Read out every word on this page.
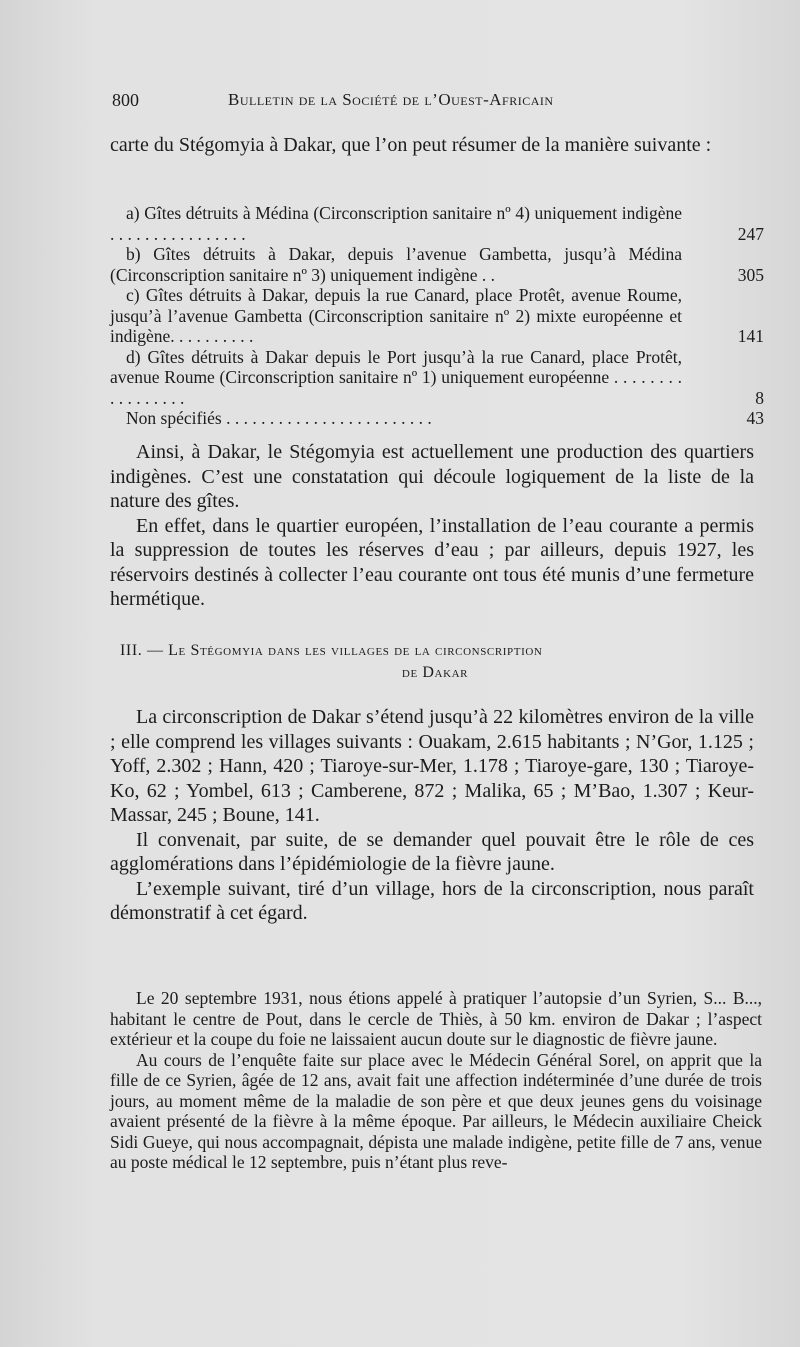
800	Bulletin de la Société de l’Ouest-Africain

carte du Stégomyia à Dakar, que l’on peut résumer de la manière suivante :

a) Gîtes détruits à Médina (Circonscription sanitaire nº 4) uniquement indigène . . . . . . . . . . . . . . . .	247
b) Gîtes détruits à Dakar, depuis l’avenue Gambetta, jusqu’à Médina (Circonscription sanitaire nº 3) uniquement indigène . .	305
c) Gîtes détruits à Dakar, depuis la rue Canard, place Protêt, avenue Roume, jusqu’à l’avenue Gambetta (Circonscription sanitaire nº 2) mixte européenne et indigène. . . . . . . . . .	141
d) Gîtes détruits à Dakar depuis le Port jusqu’à la rue Canard, place Protêt, avenue Roume (Circonscription sanitaire nº 1) uniquement européenne . . . . . . . . . . . . . . . . .	8
Non spécifiés . . . . . . . . . . . . . . . . . . . . . . . .	43

Ainsi, à Dakar, le Stégomyia est actuellement une production des quartiers indigènes. C’est une constatation qui découle logiquement de la liste de la nature des gîtes.

En effet, dans le quartier européen, l’installation de l’eau courante a permis la suppression de toutes les réserves d’eau ; par ailleurs, depuis 1927, les réservoirs destinés à collecter l’eau courante ont tous été munis d’une fermeture hermétique.

III. — Le Stégomyia dans les villages de la circonscription
de Dakar

La circonscription de Dakar s’étend jusqu’à 22 kilomètres environ de la ville ; elle comprend les villages suivants : Ouakam, 2.615 habitants ; N’Gor, 1.125 ; Yoff, 2.302 ; Hann, 420 ; Tiaroye-sur-Mer, 1.178 ; Tiaroye-gare, 130 ; Tiaroye-Ko, 62 ; Yombel, 613 ; Camberene, 872 ; Malika, 65 ; M’Bao, 1.307 ; Keur-Massar, 245 ; Boune, 141.

Il convenait, par suite, de se demander quel pouvait être le rôle de ces agglomérations dans l’épidémiologie de la fièvre jaune.

L’exemple suivant, tiré d’un village, hors de la circonscription, nous paraît démonstratif à cet égard.

Le 20 septembre 1931, nous étions appelé à pratiquer l’autopsie d’un Syrien, S... B..., habitant le centre de Pout, dans le cercle de Thiès, à 50 km. environ de Dakar ; l’aspect extérieur et la coupe du foie ne laissaient aucun doute sur le diagnostic de fièvre jaune.

Au cours de l’enquête faite sur place avec le Médecin Général Sorel, on apprit que la fille de ce Syrien, âgée de 12 ans, avait fait une affection indéterminée d’une durée de trois jours, au moment même de la maladie de son père et que deux jeunes gens du voisinage avaient présenté de la fièvre à la même époque. Par ailleurs, le Médecin auxiliaire Cheick Sidi Gueye, qui nous accompagnait, dépista une malade indigène, petite fille de 7 ans, venue au poste médical le 12 septembre, puis n’étant plus reve-
